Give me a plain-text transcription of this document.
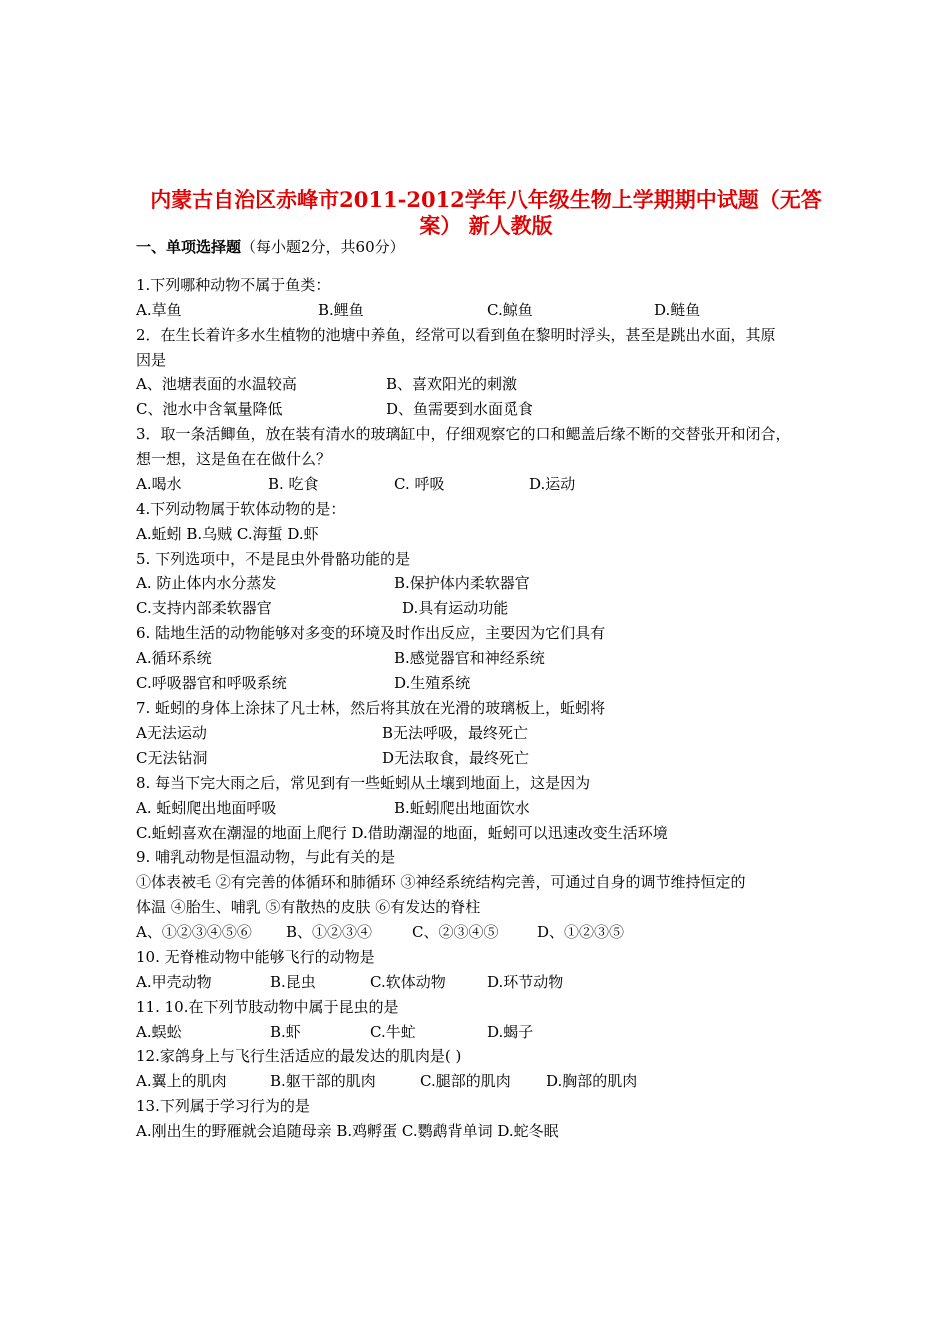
内蒙古自治区赤峰市2011-2012学年八年级生物上学期期中试题（无答
案） 新人教版
一、单项选择题（每小题2分，共60分）
1.下列哪种动物不属于鱼类：
A.草鱼	B.鲤鱼	C.鲸鱼	D.鲢鱼
2．在生长着许多水生植物的池塘中养鱼，经常可以看到鱼在黎明时浮头，甚至是跳出水面，其原
因是
A、池塘表面的水温较高	B、喜欢阳光的刺激
C、池水中含氧量降低	D、鱼需要到水面觅食
3．取一条活鲫鱼，放在装有清水的玻璃缸中，仔细观察它的口和鳃盖后缘不断的交替张开和闭合，
想一想，这是鱼在在做什么？
A.喝水	B. 吃食	C. 呼吸	D.运动
4.下列动物属于软体动物的是：
A.蚯蚓 B.乌贼 C.海蜇 D.虾
5. 下列选项中，不是昆虫外骨骼功能的是
A. 防止体内水分蒸发	B.保护体内柔软器官
C.支持内部柔软器官	D.具有运动功能
6. 陆地生活的动物能够对多变的环境及时作出反应，主要因为它们具有
A.循环系统	B.感觉器官和神经系统
C.呼吸器官和呼吸系统	D.生殖系统
7. 蚯蚓的身体上涂抹了凡士林，然后将其放在光滑的玻璃板上，蚯蚓将
A无法运动	B无法呼吸，最终死亡
C无法钻洞	D无法取食，最终死亡
8. 每当下完大雨之后，常见到有一些蚯蚓从土壤到地面上，这是因为
A. 蚯蚓爬出地面呼吸	B.蚯蚓爬出地面饮水
C.蚯蚓喜欢在潮湿的地面上爬行 D.借助潮湿的地面，蚯蚓可以迅速改变生活环境
9. 哺乳动物是恒温动物，与此有关的是
①体表被毛 ②有完善的体循环和肺循环 ③神经系统结构完善，可通过自身的调节维持恒定的
体温 ④胎生、哺乳 ⑤有散热的皮肤 ⑥有发达的脊柱
A、①②③④⑤⑥ B、①②③④	C、②③④⑤	D、①②③⑤
10. 无脊椎动物中能够飞行的动物是
A.甲壳动物	B.昆虫	C.软体动物	D.环节动物
11. 10.在下列节肢动物中属于昆虫的是
A.蜈蚣	B.虾	C.牛虻	D.蝎子
12.家鸽身上与飞行生活适应的最发达的肌肉是( )
A.翼上的肌肉	B.躯干部的肌肉	C.腿部的肌肉 D.胸部的肌肉
13.下列属于学习行为的是
A.刚出生的野雁就会追随母亲 B.鸡孵蛋 C.鹦鹉背单词 D.蛇冬眠
